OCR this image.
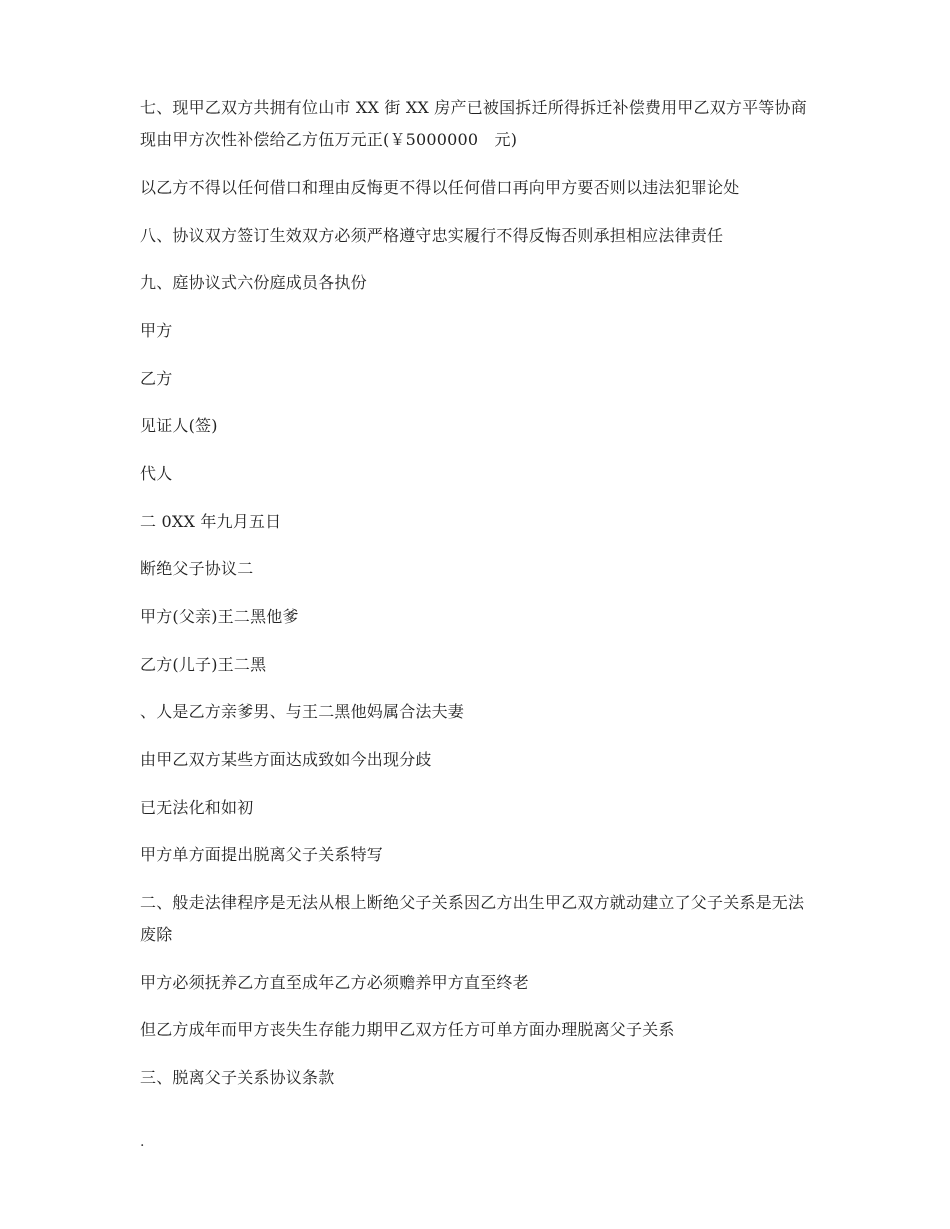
七、现甲乙双方共拥有位山市 XX 街 XX 房产已被国拆迁所得拆迁补偿费用甲乙双方平等协商现由甲方次性补偿给乙方伍万元正(￥5000000　元)
以乙方不得以任何借口和理由反悔更不得以任何借口再向甲方要否则以违法犯罪论处
八、协议双方签订生效双方必须严格遵守忠实履行不得反悔否则承担相应法律责任
九、庭协议式六份庭成员各执份
甲方
乙方
见证人(签)
代人
二 0XX 年九月五日
断绝父子协议二
甲方(父亲)王二黑他爹
乙方(儿子)王二黑
、人是乙方亲爹男、与王二黑他妈属合法夫妻
由甲乙双方某些方面达成致如今出现分歧
已无法化和如初
甲方单方面提出脱离父子关系特写
二、般走法律程序是无法从根上断绝父子关系因乙方出生甲乙双方就动建立了父子关系是无法废除
甲方必须抚养乙方直至成年乙方必须赡养甲方直至终老
但乙方成年而甲方丧失生存能力期甲乙双方任方可单方面办理脱离父子关系
三、脱离父子关系协议条款
.
